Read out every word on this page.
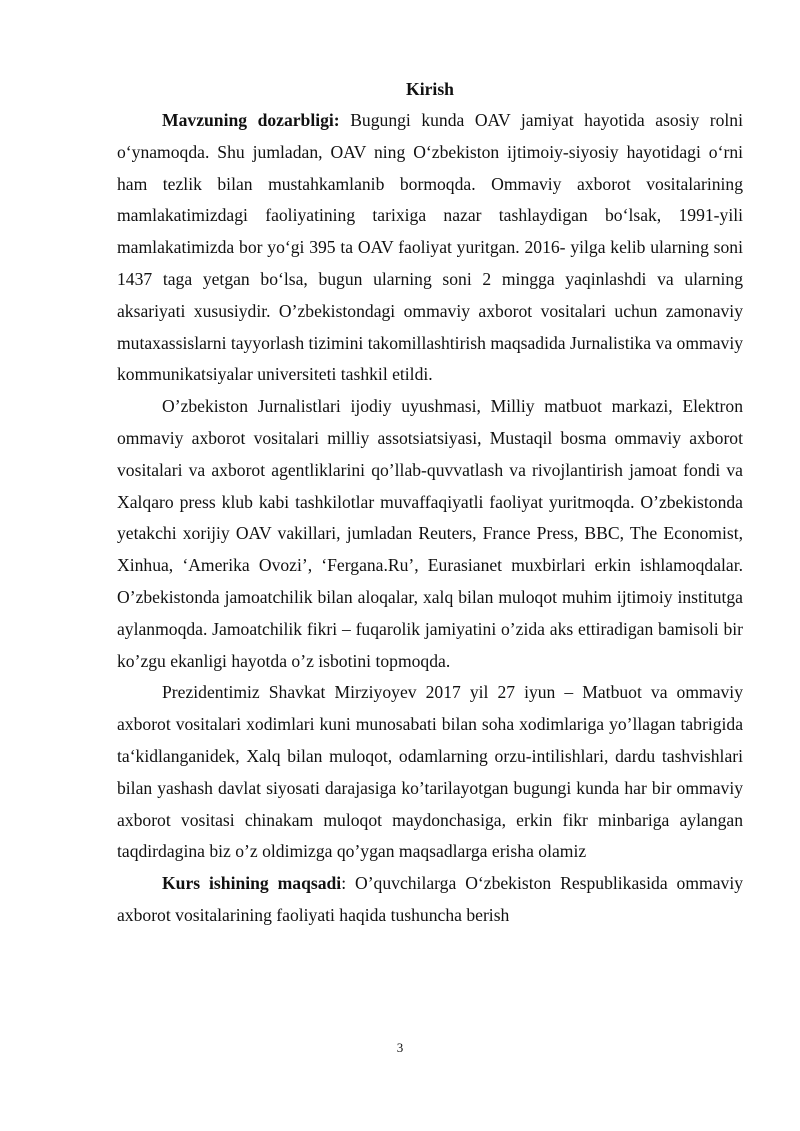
Kirish

Mavzuning dozarbligi: Bugungi kunda OAV jamiyat hayotida asosiy rolni oʻynamoqda. Shu jumladan, OAV ning Oʻzbekiston ijtimoiy-siyosiy hayotidagi oʻrni ham tezlik bilan mustahkamlanib bormoqda. Ommaviy axborot vositalarining mamlakatimizdagi faoliyatining tarixiga nazar tashlaydigan boʻlsak, 1991-yili mamlakatimizda bor yoʻgi 395 ta OAV faoliyat yuritgan. 2016- yilga kelib ularning soni 1437 taga yetgan boʻlsa, bugun ularning soni 2 mingga yaqinlashdi va ularning aksariyati xususiydir. O’zbekistondagi ommaviy axborot vositalari uchun zamonaviy mutaxassislarni tayyorlash tizimini takomillashtirish maqsadida Jurnalistika va ommaviy kommunikatsiyalar universiteti tashkil etildi.

O’zbekiston Jurnalistlari ijodiy uyushmasi, Milliy matbuot markazi, Elektron ommaviy axborot vositalari milliy assotsiatsiyasi, Mustaqil bosma ommaviy axborot vositalari va axborot agentliklarini qo’llab-quvvatlash va rivojlantirish jamoat fondi va Xalqaro press klub kabi tashkilotlar muvaffaqiyatli faoliyat yuritmoqda. O’zbekistonda yetakchi xorijiy OAV vakillari, jumladan Reuters, France Press, BBC, The Economist, Xinhua, ‘Amerika Ovozi’, ‘Fergana.Ru’, Eurasianet muxbirlari erkin ishlamoqdalar. O’zbekistonda jamoatchilik bilan aloqalar, xalq bilan muloqot muhim ijtimoiy institutga aylanmoqda. Jamoatchilik fikri – fuqarolik jamiyatini o’zida aks ettiradigan bamisoli bir ko’zgu ekanligi hayotda o’z isbotini topmoqda.

Prezidentimiz Shavkat Mirziyoyev 2017 yil 27 iyun – Matbuot va ommaviy axborot vositalari xodimlari kuni munosabati bilan soha xodimlariga yo’llagan tabrigida taʻkidlanganidek, Xalq bilan muloqot, odamlarning orzu-intilishlari, dardu tashvishlari bilan yashash davlat siyosati darajasiga ko’tarilayotgan bugungi kunda har bir ommaviy axborot vositasi chinakam muloqot maydonchasiga, erkin fikr minbariga aylangan taqdirdagina biz o’z oldimizga qo’ygan maqsadlarga erisha olamiz

Kurs ishining maqsadi: O’quvchilarga Oʻzbekiston Respublikasida ommaviy axborot vositalarining faoliyati haqida tushuncha berish

3
